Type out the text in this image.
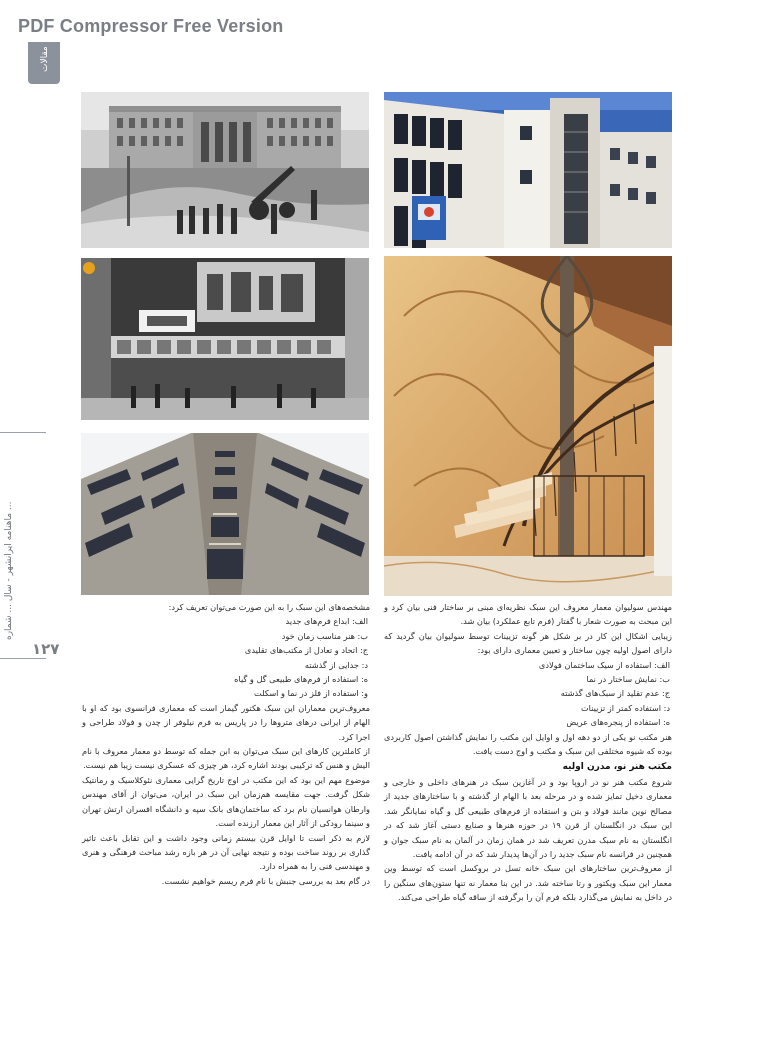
PDF Compressor Free Version
مقالات
ماهنامه ایرانشهر - سال ... شماره ...
۱۲۷

مشخصه‌های این سبک را به این صورت می‌توان تعریف کرد:

الف: ابداع فرم‌های جدید

ب: هنر مناسب زمان خود

ج: اتحاد و تعادل از مکتب‌های تقلیدی

د: جدایی از گذشته

ه: استفاده از فرم‌های طبیعی گل و گیاه

و: استفاده از فلز در نما و اسکلت

معروف‌ترین معماران این سبک هکتور گیمار است که معماری فرانسوی بود که او با الهام از ایرانی درهای مترو‌ها را در پاریس به فرم نیلوفر از چدن و فولاد طراحی و اجرا کرد.

از کاملترین کارهای این سبک می‌توان به ابن جمله که توسط دو معمار معروف با نام الیش و هنس که ترکیبی بودند اشاره کرد، هر چیزی که عسکری نیست زیبا هم نیست.

موضوع مهم این بود که این مکتب در اوج تاریخ گرایی معماری نئوکلاسیک و رمانتیک شکل گرفت. جهت مقایسه هم‌زمان این سبک در ایران، می‌توان از آقای مهندس وارطان هوانسیان نام برد که ساختمان‌های بانک سپه و دانشگاه افسران ارتش تهران و سینما رودکی از آثار این معمار ارزنده است.

لازم به ذکر است تا اوایل قرن بیستم زمانی وجود داشت و این تقابل باعث تاثیر گذاری بر روند ساخت بوده و نتیجه نهایی آن در هر بازه رشد مباحث فرهنگی و هنری و مهندسی فنی را به همراه دارد.

در گام بعد به بررسی جنبش با نام فرم ریسم خواهیم نشست.

مهندس سولیوان معمار معروف این سبک نظریه‌ای مبنی بر ساختار فنی بیان کرد و این مبحث به صورت شعار با گفتار (فرم تابع عملکرد) بیان شد.

زیبایی اشکال این کار در بر شکل هر گونه تزیینات توسط سولیوان بیان گردید که دارای اصول اولیه چون ساختار و تعیین معماری دارای بود:

الف: استفاده از سیک ساختمان فولادی

ب: نمایش ساختار در نما

ج: عدم تقلید از سبک‌های گذشته

د: استفاده کمتر از تزیینات

ه: استفاده از پنجره‌های عریض

هنر مکتب نو یکی از دو دهه اول و اوایل این مکتب را نمایش گذاشتن اصول کاربردی بوده که شیوه مختلفی این سبک و مکتب و اوج دست یافت.

مکتب هنر نو، مدرن اولیه

شروع مکتب هنر نو در اروپا بود و در آغازین سبک در هنرهای داخلی و خارجی و معماری دخیل تمایز شده و در مرحله بعد با الهام از گذشته و با ساختارهای جدید از مصالح نوین مانند فولاد و بتن و استفاده از فرم‌های طبیعی گل و گیاه نمایانگر شد. این سبک در انگلستان از قرن ۱۹ در حوزه هنرها و صنایع دستی آغاز شد که در انگلستان به نام سبک مدرن تعریف شد در همان زمان در آلمان به نام سبک جوان و همچنین در فرانسه نام سبک جدید را در آن‌ها پدیدار شد که در آن ادامه یافت.

از معروف‌ترین ساختارهای این سبک خانه تسل در بروکسل است که توسط وین معمار این سبک ویکتور و رتا ساخته شد. در این بنا معمار نه تنها ستون‌های سنگین را در داخل به نمایش می‌گذارد بلکه فرم آن را برگرفته از ساقه گیاه طراحی می‌کند.
